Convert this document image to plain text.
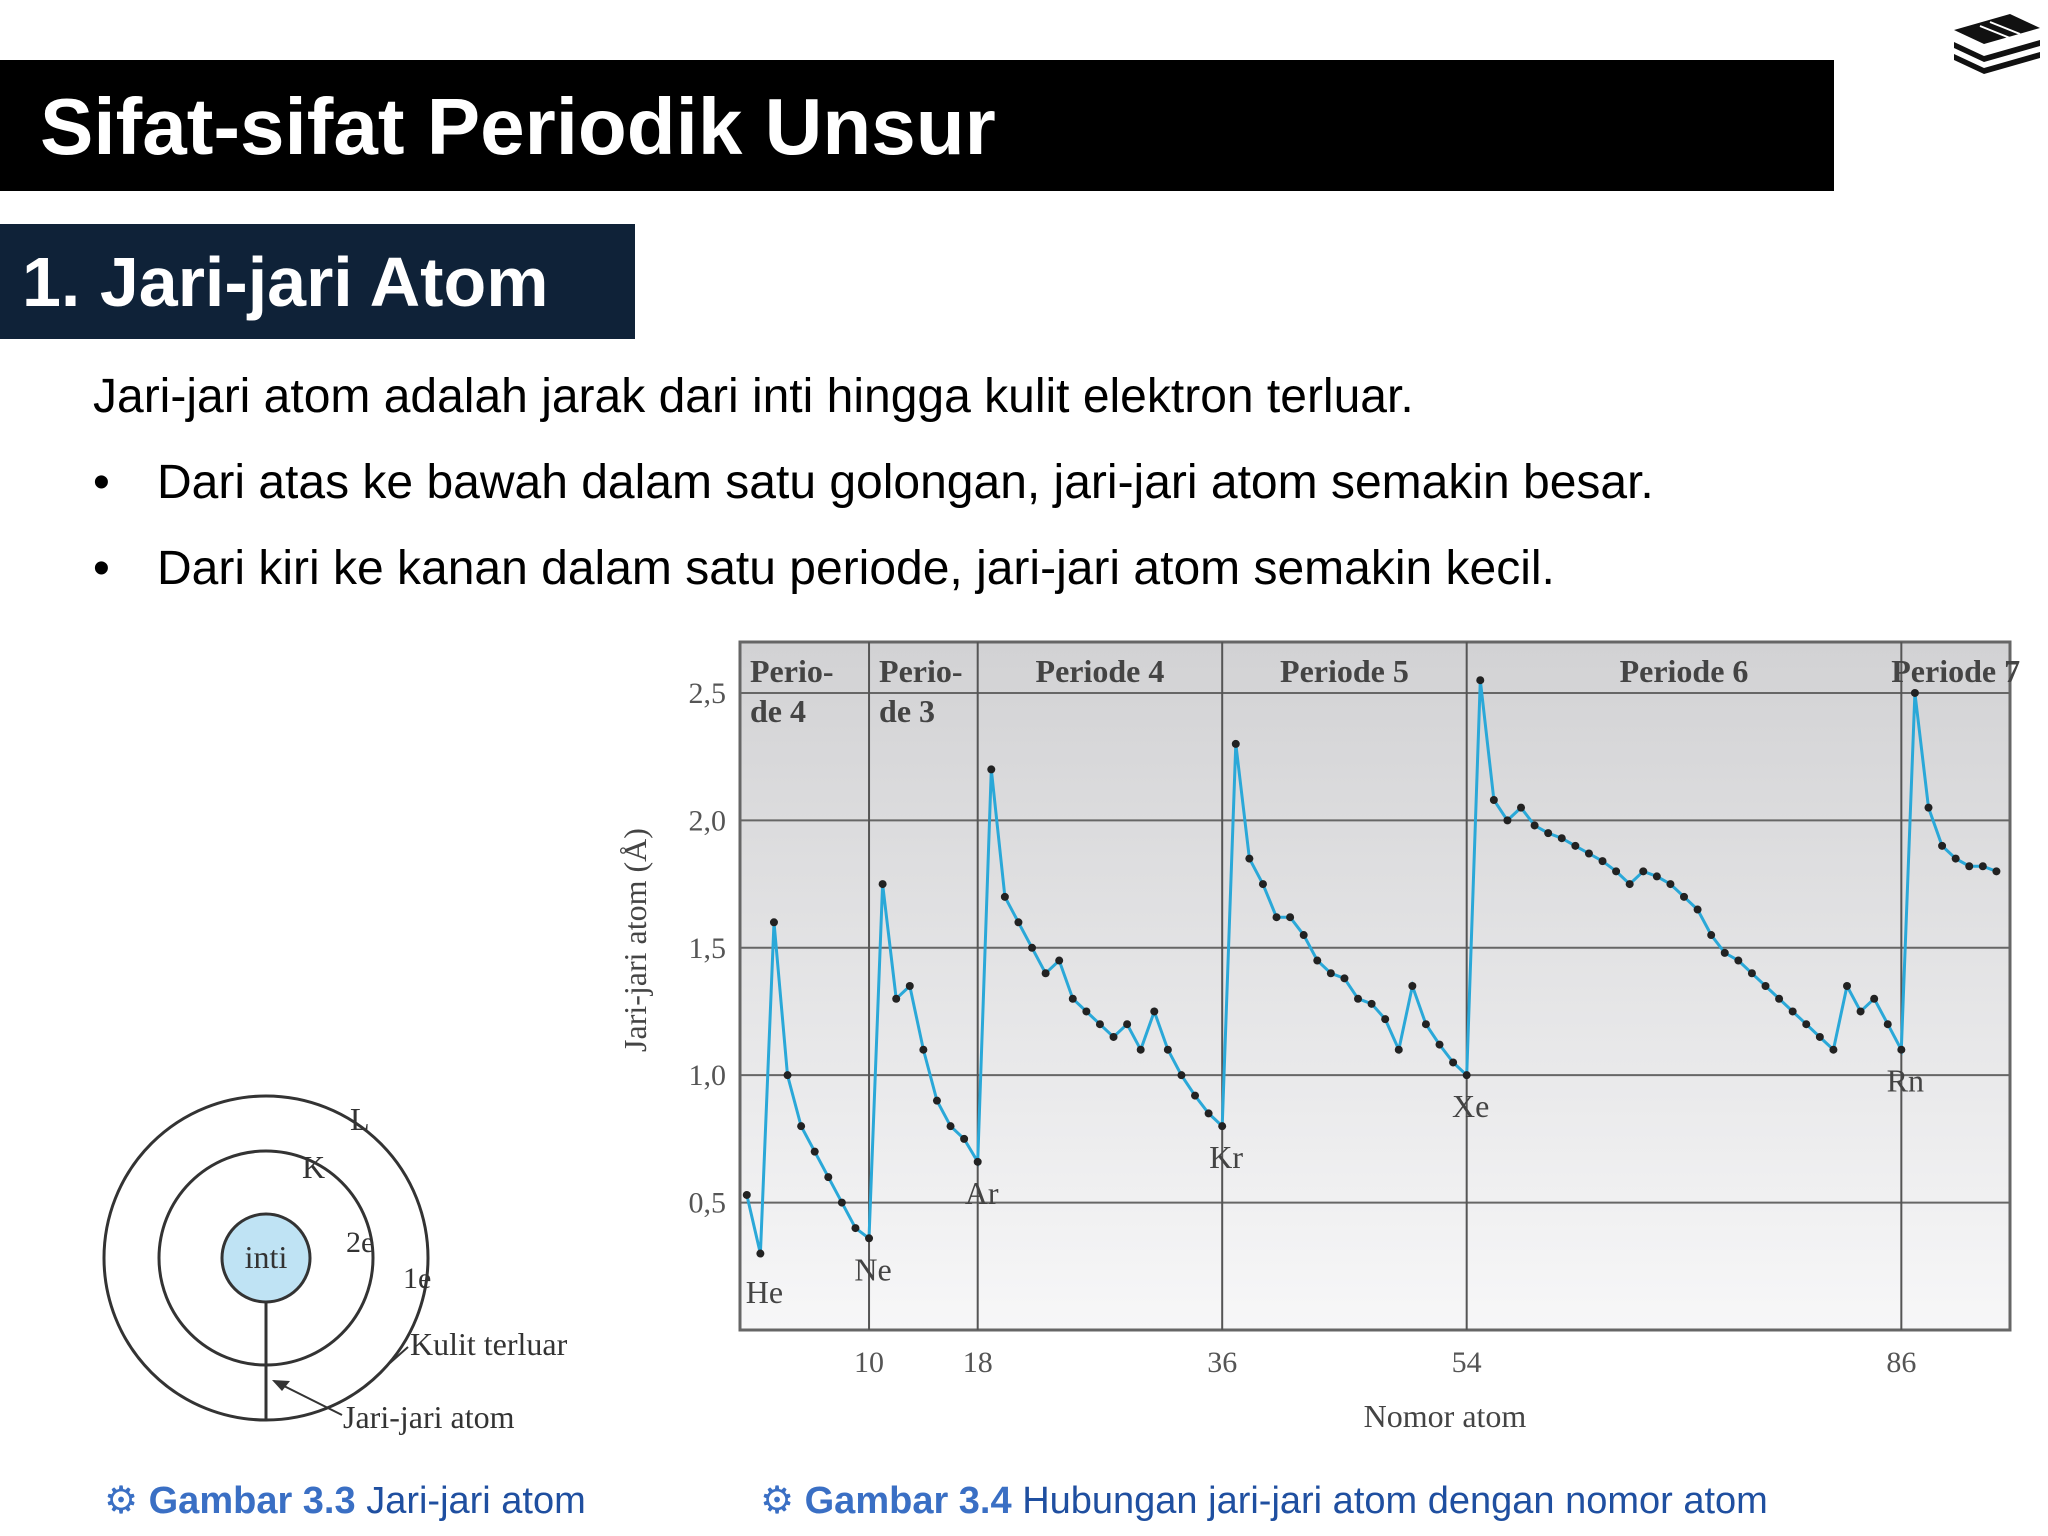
Sifat-sifat Periodik Unsur
1. Jari-jari Atom
Jari-jari atom adalah jarak dari inti hingga kulit elektron terluar.
• Dari atas ke bawah dalam satu golongan, jari-jari atom semakin besar.
• Dari kiri ke kanan dalam satu periode, jari-jari atom semakin kecil.
inti
K
L
2e
1e
Kulit terluar
Jari-jari atom
0,5
1,0
1,5
2,0
2,5
10	18	36	54	86
Perio-
de 4
Perio-
de 3
Periode 4	Periode 5	Periode 6	Periode 7
He
Ne
Ar
Kr
Xe
Rn
Jari-jari atom (Å)
Nomor atom
⚙︎ Gambar 3.3 Jari-jari atom	⚙︎ Gambar 3.4 Hubungan jari-jari atom dengan nomor atom
